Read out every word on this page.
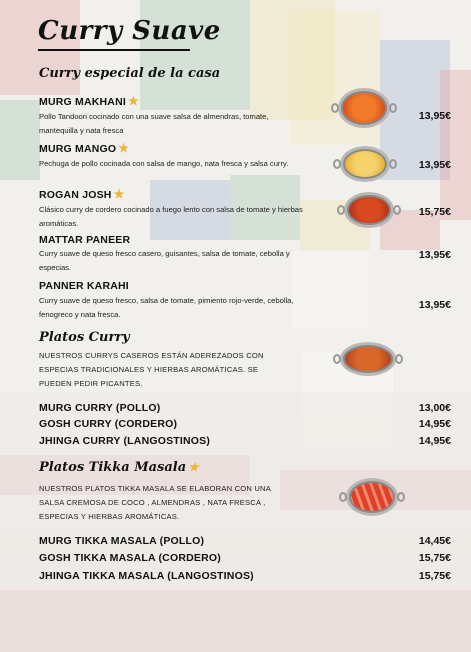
Curry Suave
Curry especial de la casa
MURG MAKHANI ★
Pollo Tandoori cocinado con una suave salsa de almendras, tomate, mantequilla y nata fresca
13,95€
MURG MANGO ★
Pechuga de pollo cocinada con salsa de mango, nata fresca y salsa curry.	13,95€
ROGAN JOSH ★
Clásico curry de cordero cocinado a fuego lento con salsa de tomate y hierbas aromáticas.
15,75€
MATTAR PANEER
Curry suave de queso fresco casero, guisantes, salsa de tomate, cebolla y especias.
13,95€
PANNER KARAHI
Curry suave de queso fresco, salsa de tomate, pimiento rojo-verde, cebolla, fenogreco y nata fresca.
13,95€
Platos Curry
NUESTROS CURRYS CASEROS ESTÁN ADEREZADOS CON ESPECIAS TRADICIONALES Y HIERBAS AROMÁTICAS. SE PUEDEN PEDIR PICANTES.
MURG CURRY (POLLO)	13,00€
GOSH CURRY (CORDERO)	14,95€
JHINGA CURRY (LANGOSTINOS)	14,95€
Platos Tikka Masala ★
NUESTROS PLATOS TIKKA MASALA SE ELABORAN CON UNA SALSA CREMOSA DE COCO , ALMENDRAS , NATA FRESCA , ESPECIAS Y HIERBAS AROMÁTICAS.
MURG TIKKA MASALA (POLLO)	14,45€
GOSH TIKKA MASALA (CORDERO)	15,75€
JHINGA TIKKA MASALA (LANGOSTINOS)	15,75€
